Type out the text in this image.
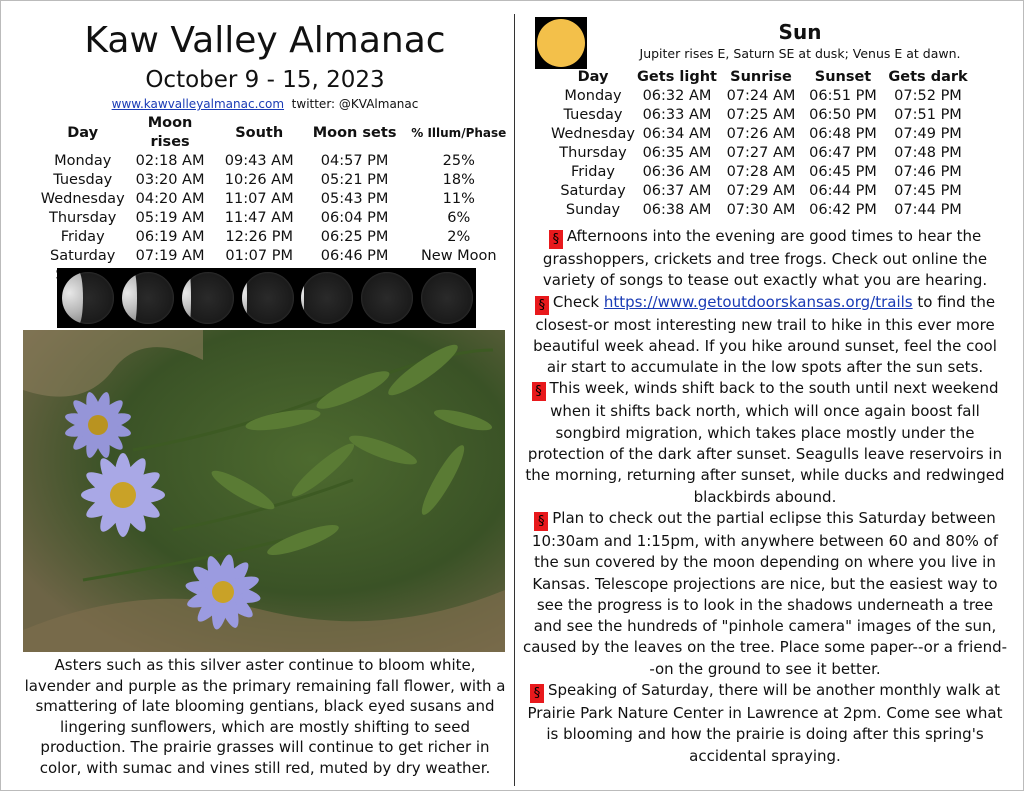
Kaw Valley Almanac
October 9 - 15, 2023
www.kawvalleyalmanac.com twitter: @KVAlmanac
Day	Moon rises	South	Moon sets	% Illum/Phase
Monday	02:18 AM	09:43 AM	04:57 PM	25%
Tuesday	03:20 AM	10:26 AM	05:21 PM	18%
Wednesday	04:20 AM	11:07 AM	05:43 PM	11%
Thursday	05:19 AM	11:47 AM	06:04 PM	6%
Friday	06:19 AM	12:26 PM	06:25 PM	2%
Saturday	07:19 AM	01:07 PM	06:46 PM	New Moon

Asters such as this silver aster continue to bloom white, lavender and purple as the primary remaining fall flower, with a smattering of late blooming gentians, black eyed susans and lingering sunflowers, which are mostly shifting to seed production. The prairie grasses will continue to get richer in color, with sumac and vines still red, muted by dry weather.
Sun
Jupiter rises E, Saturn SE at dusk; Venus E at dawn.
Day	Gets light	Sunrise	Sunset	Gets dark
Monday	06:32 AM	07:24 AM	06:51 PM	07:52 PM
Tuesday	06:33 AM	07:25 AM	06:50 PM	07:51 PM
Wednesday	06:34 AM	07:26 AM	06:48 PM	07:49 PM
Thursday	06:35 AM	07:27 AM	06:47 PM	07:48 PM
Friday	06:36 AM	07:28 AM	06:45 PM	07:46 PM
Saturday	06:37 AM	07:29 AM	06:44 PM	07:45 PM
Sunday	06:38 AM	07:30 AM	06:42 PM	07:44 PM

§ Afternoons into the evening are good times to hear the grasshoppers, crickets and tree frogs. Check out online the variety of songs to tease out exactly what you are hearing.

§ Check https://www.getoutdoorskansas.org/trails to find the closest-or most interesting new trail to hike in this ever more beautiful week ahead. If you hike around sunset, feel the cool air start to accumulate in the low spots after the sun sets.

§ This week, winds shift back to the south until next weekend when it shifts back north, which will once again boost fall songbird migration, which takes place mostly under the protection of the dark after sunset. Seagulls leave reservoirs in the morning, returning after sunset, while ducks and redwinged blackbirds abound.

§ Plan to check out the partial eclipse this Saturday between 10:30am and 1:15pm, with anywhere between 60 and 80% of the sun covered by the moon depending on where you live in Kansas. Telescope projections are nice, but the easiest way to see the progress is to look in the shadows underneath a tree and see the hundreds of "pinhole camera" images of the sun, caused by the leaves on the tree. Place some paper--or a friend--on the ground to see it better.

§ Speaking of Saturday, there will be another monthly walk at Prairie Park Nature Center in Lawrence at 2pm. Come see what is blooming and how the prairie is doing after this spring's accidental spraying.
